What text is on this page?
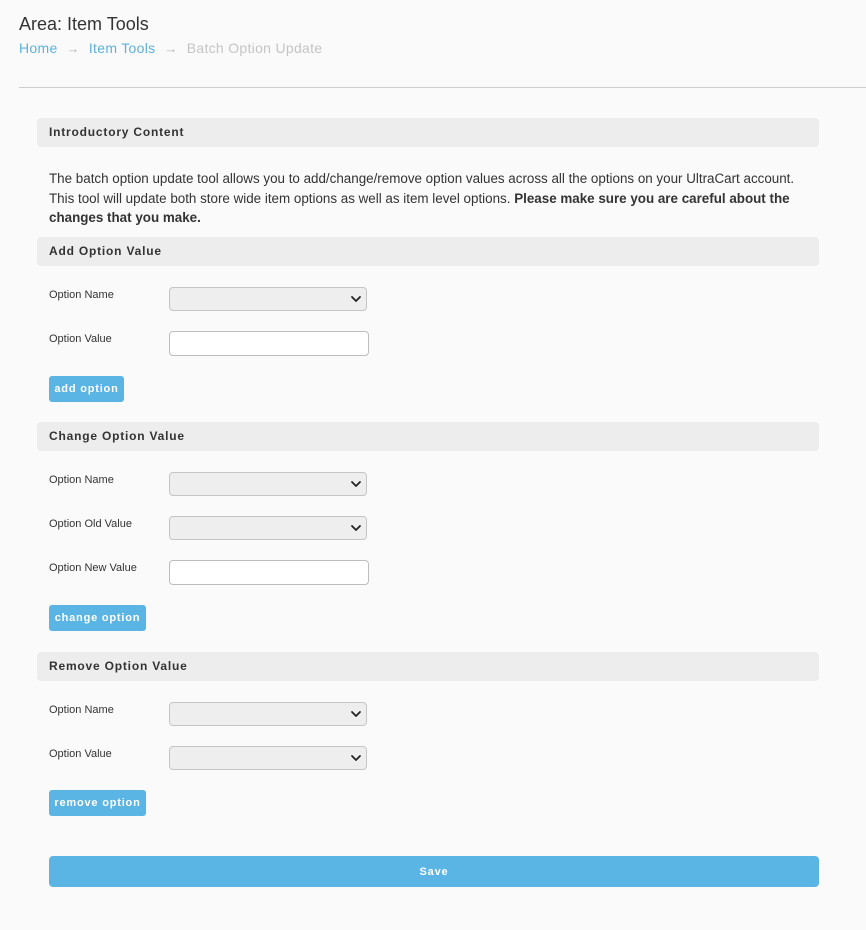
Area: Item Tools
Home → Item Tools → Batch Option Update
Introductory Content
The batch option update tool allows you to add/change/remove option values across all the options on your UltraCart account. This tool will update both store wide item options as well as item level options. Please make sure you are careful about the changes that you make.
Add Option Value
Option Name
Option Value
add option
Change Option Value
Option Name
Option Old Value
Option New Value
change option
Remove Option Value
Option Name
Option Value
remove option
Save
